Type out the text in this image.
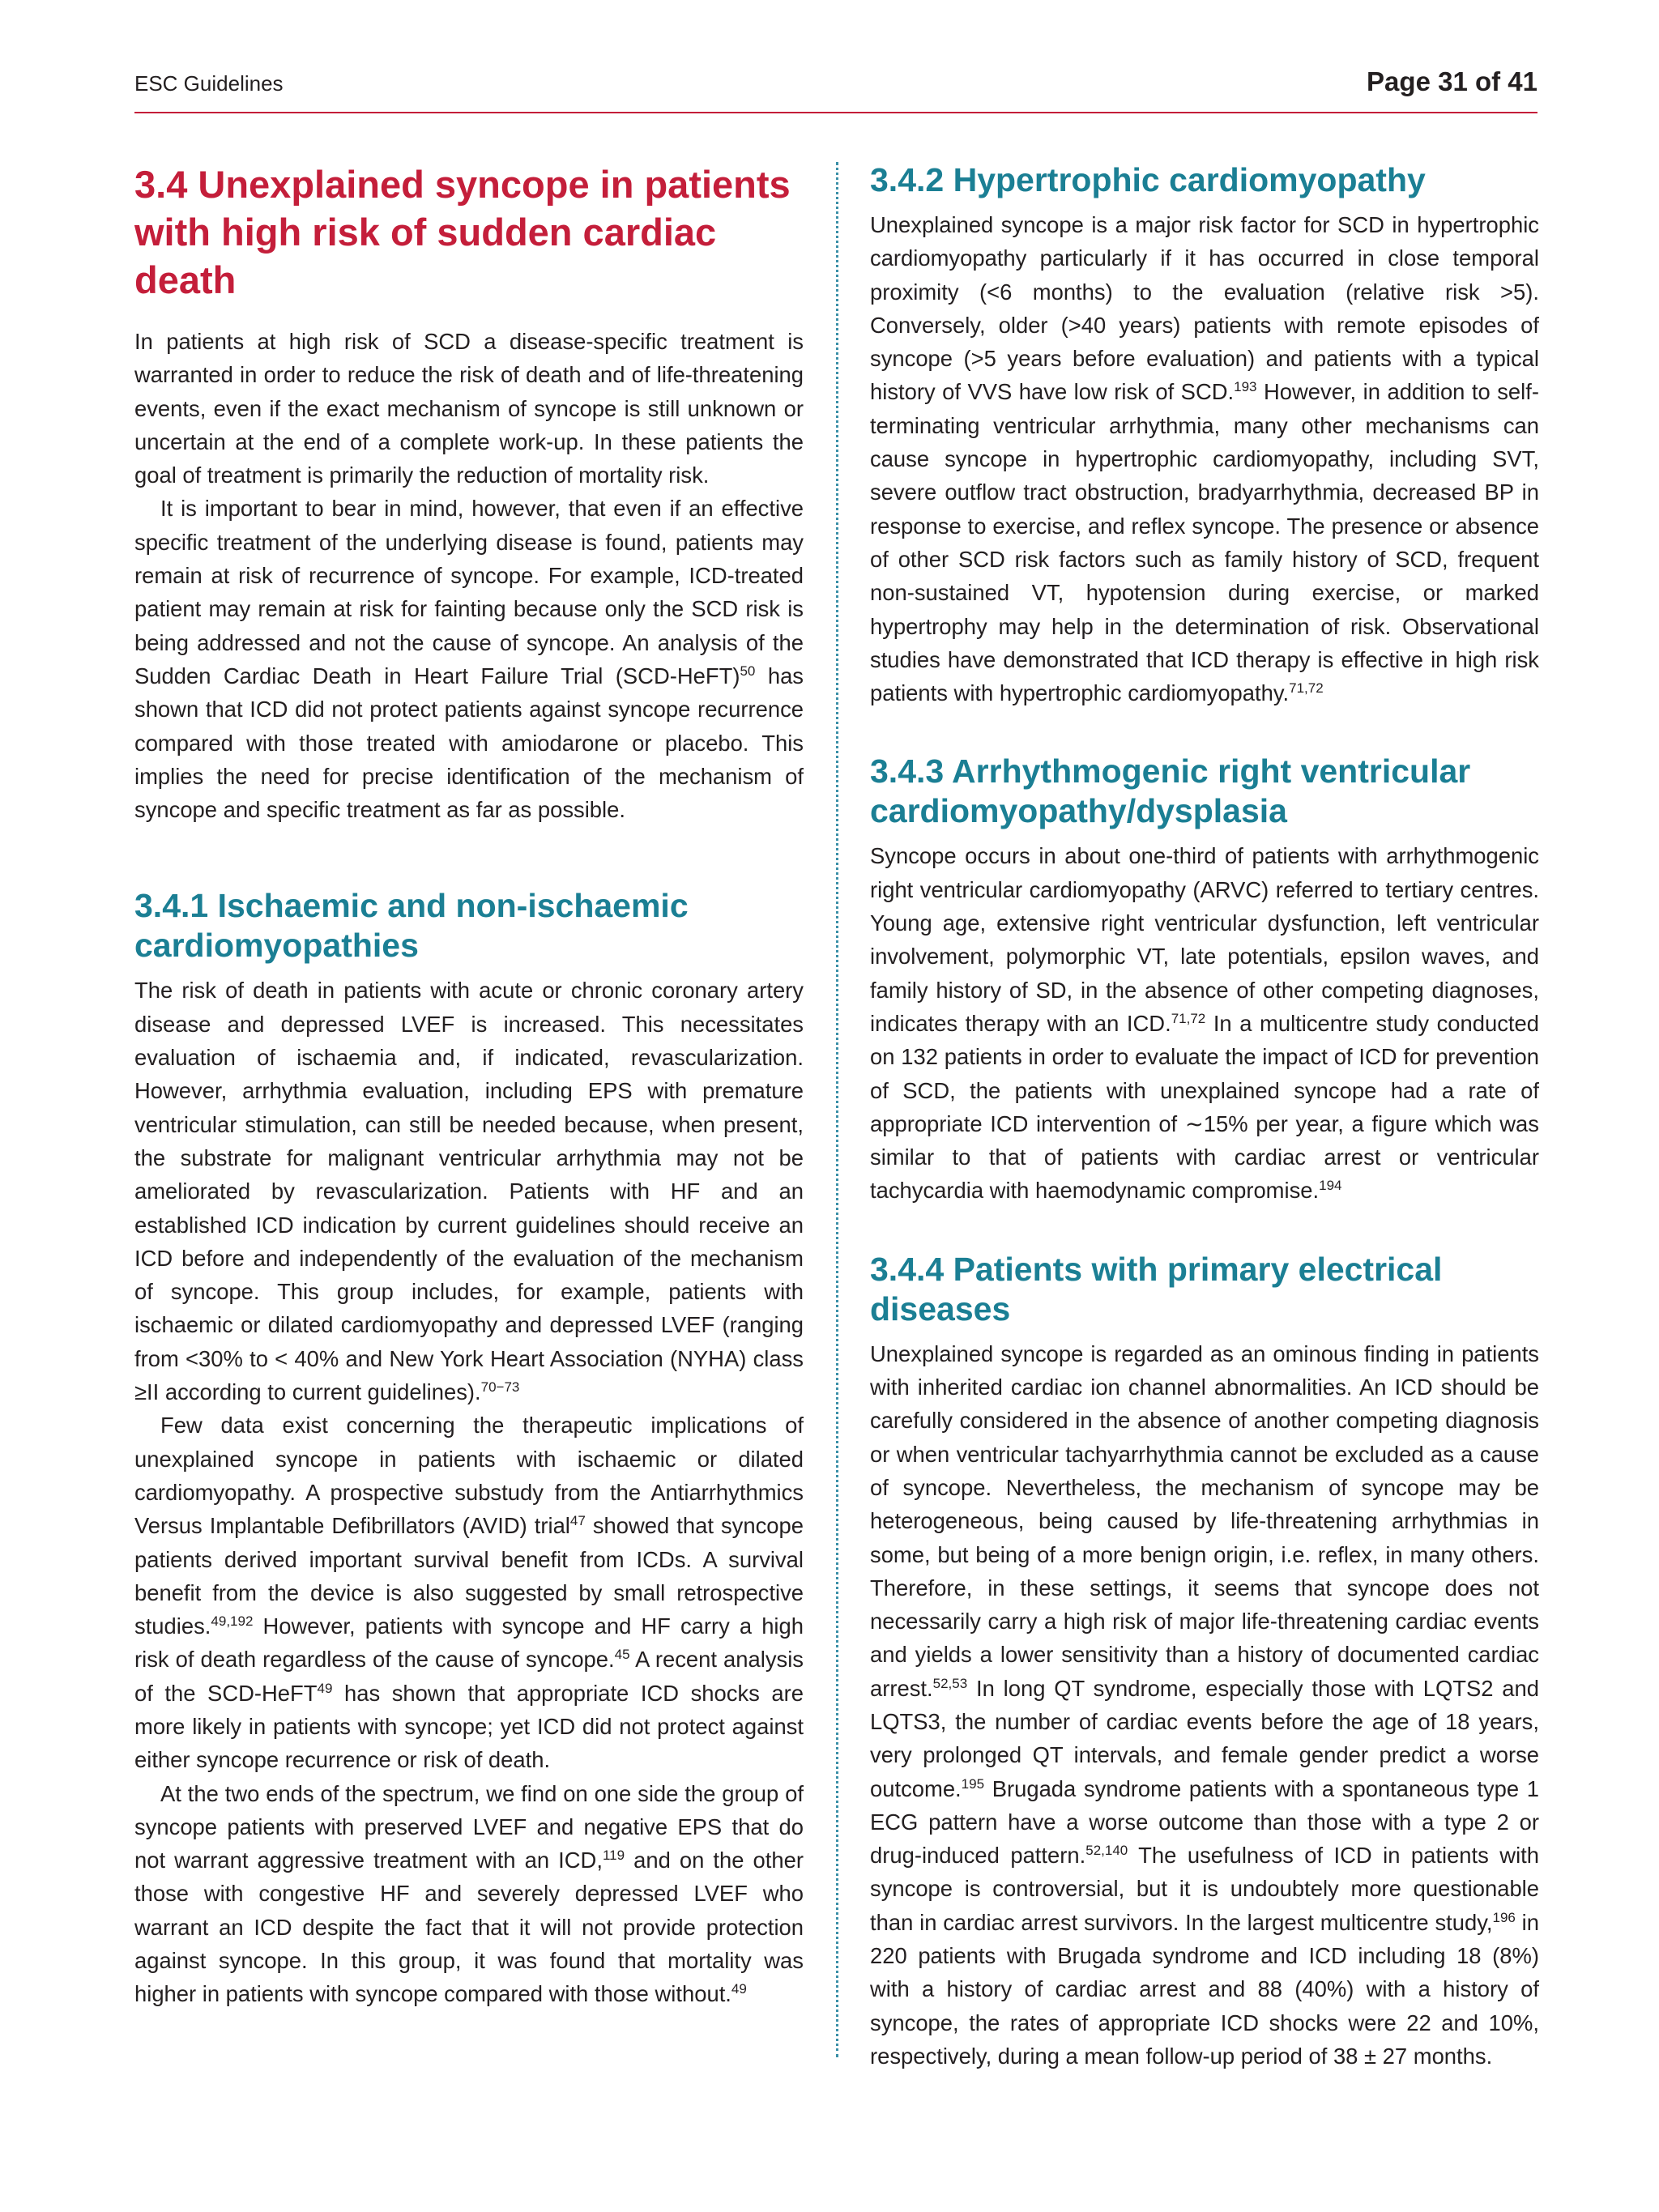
ESC Guidelines	Page 31 of 41
3.4 Unexplained syncope in patients with high risk of sudden cardiac death

In patients at high risk of SCD a disease-specific treatment is warranted in order to reduce the risk of death and of life-threatening events, even if the exact mechanism of syncope is still unknown or uncertain at the end of a complete work-up. In these patients the goal of treatment is primarily the reduction of mortality risk.

It is important to bear in mind, however, that even if an effective specific treatment of the underlying disease is found, patients may remain at risk of recurrence of syncope. For example, ICD-treated patient may remain at risk for fainting because only the SCD risk is being addressed and not the cause of syncope. An analysis of the Sudden Cardiac Death in Heart Failure Trial (SCD-HeFT)$^{50}$ has shown that ICD did not protect patients against syncope recurrence compared with those treated with amiodarone or placebo. This implies the need for precise identification of the mechanism of syncope and specific treatment as far as possible.

3.4.1 Ischaemic and non-ischaemic cardiomyopathies

The risk of death in patients with acute or chronic coronary artery disease and depressed LVEF is increased. This necessitates evaluation of ischaemia and, if indicated, revascularization. However, arrhythmia evaluation, including EPS with premature ventricular stimulation, can still be needed because, when present, the substrate for malignant ventricular arrhythmia may not be ameliorated by revascularization. Patients with HF and an established ICD indication by current guidelines should receive an ICD before and independently of the evaluation of the mechanism of syncope. This group includes, for example, patients with ischaemic or dilated cardiomyopathy and depressed LVEF (ranging from <30% to < 40% and New York Heart Association (NYHA) class ≥II according to current guidelines).$^{70-73}$

Few data exist concerning the therapeutic implications of unexplained syncope in patients with ischaemic or dilated cardiomyopathy. A prospective substudy from the Antiarrhythmics Versus Implantable Defibrillators (AVID) trial$^{47}$ showed that syncope patients derived important survival benefit from ICDs. A survival benefit from the device is also suggested by small retrospective studies.$^{49,192}$ However, patients with syncope and HF carry a high risk of death regardless of the cause of syncope.$^{45}$ A recent analysis of the SCD-HeFT$^{49}$ has shown that appropriate ICD shocks are more likely in patients with syncope; yet ICD did not protect against either syncope recurrence or risk of death.

At the two ends of the spectrum, we find on one side the group of syncope patients with preserved LVEF and negative EPS that do not warrant aggressive treatment with an ICD,$^{119}$ and on the other those with congestive HF and severely depressed LVEF who warrant an ICD despite the fact that it will not provide protection against syncope. In this group, it was found that mortality was higher in patients with syncope compared with those without.$^{49}$

3.4.2 Hypertrophic cardiomyopathy

Unexplained syncope is a major risk factor for SCD in hypertrophic cardiomyopathy particularly if it has occurred in close temporal proximity (<6 months) to the evaluation (relative risk >5). Conversely, older (>40 years) patients with remote episodes of syncope (>5 years before evaluation) and patients with a typical history of VVS have low risk of SCD.$^{193}$ However, in addition to self-terminating ventricular arrhythmia, many other mechanisms can cause syncope in hypertrophic cardiomyopathy, including SVT, severe outflow tract obstruction, bradyarrhythmia, decreased BP in response to exercise, and reflex syncope. The presence or absence of other SCD risk factors such as family history of SCD, frequent non-sustained VT, hypotension during exercise, or marked hypertrophy may help in the determination of risk. Observational studies have demonstrated that ICD therapy is effective in high risk patients with hypertrophic cardiomyopathy.$^{71,72}$

3.4.3 Arrhythmogenic right ventricular cardiomyopathy/dysplasia

Syncope occurs in about one-third of patients with arrhythmogenic right ventricular cardiomyopathy (ARVC) referred to tertiary centres. Young age, extensive right ventricular dysfunction, left ventricular involvement, polymorphic VT, late potentials, epsilon waves, and family history of SD, in the absence of other competing diagnoses, indicates therapy with an ICD.$^{71,72}$ In a multicentre study conducted on 132 patients in order to evaluate the impact of ICD for prevention of SCD, the patients with unexplained syncope had a rate of appropriate ICD intervention of ∼15% per year, a figure which was similar to that of patients with cardiac arrest or ventricular tachycardia with haemodynamic compromise.$^{194}$

3.4.4 Patients with primary electrical diseases

Unexplained syncope is regarded as an ominous finding in patients with inherited cardiac ion channel abnormalities. An ICD should be carefully considered in the absence of another competing diagnosis or when ventricular tachyarrhythmia cannot be excluded as a cause of syncope. Nevertheless, the mechanism of syncope may be heterogeneous, being caused by life-threatening arrhythmias in some, but being of a more benign origin, i.e. reflex, in many others. Therefore, in these settings, it seems that syncope does not necessarily carry a high risk of major life-threatening cardiac events and yields a lower sensitivity than a history of documented cardiac arrest.$^{52,53}$ In long QT syndrome, especially those with LQTS2 and LQTS3, the number of cardiac events before the age of 18 years, very prolonged QT intervals, and female gender predict a worse outcome.$^{195}$ Brugada syndrome patients with a spontaneous type 1 ECG pattern have a worse outcome than those with a type 2 or drug-induced pattern.$^{52,140}$ The usefulness of ICD in patients with syncope is controversial, but it is undoubtely more questionable than in cardiac arrest survivors. In the largest multicentre study,$^{196}$ in 220 patients with Brugada syndrome and ICD including 18 (8%) with a history of cardiac arrest and 88 (40%) with a history of syncope, the rates of appropriate ICD shocks were 22 and 10%, respectively, during a mean follow-up period of 38 ± 27 months.
